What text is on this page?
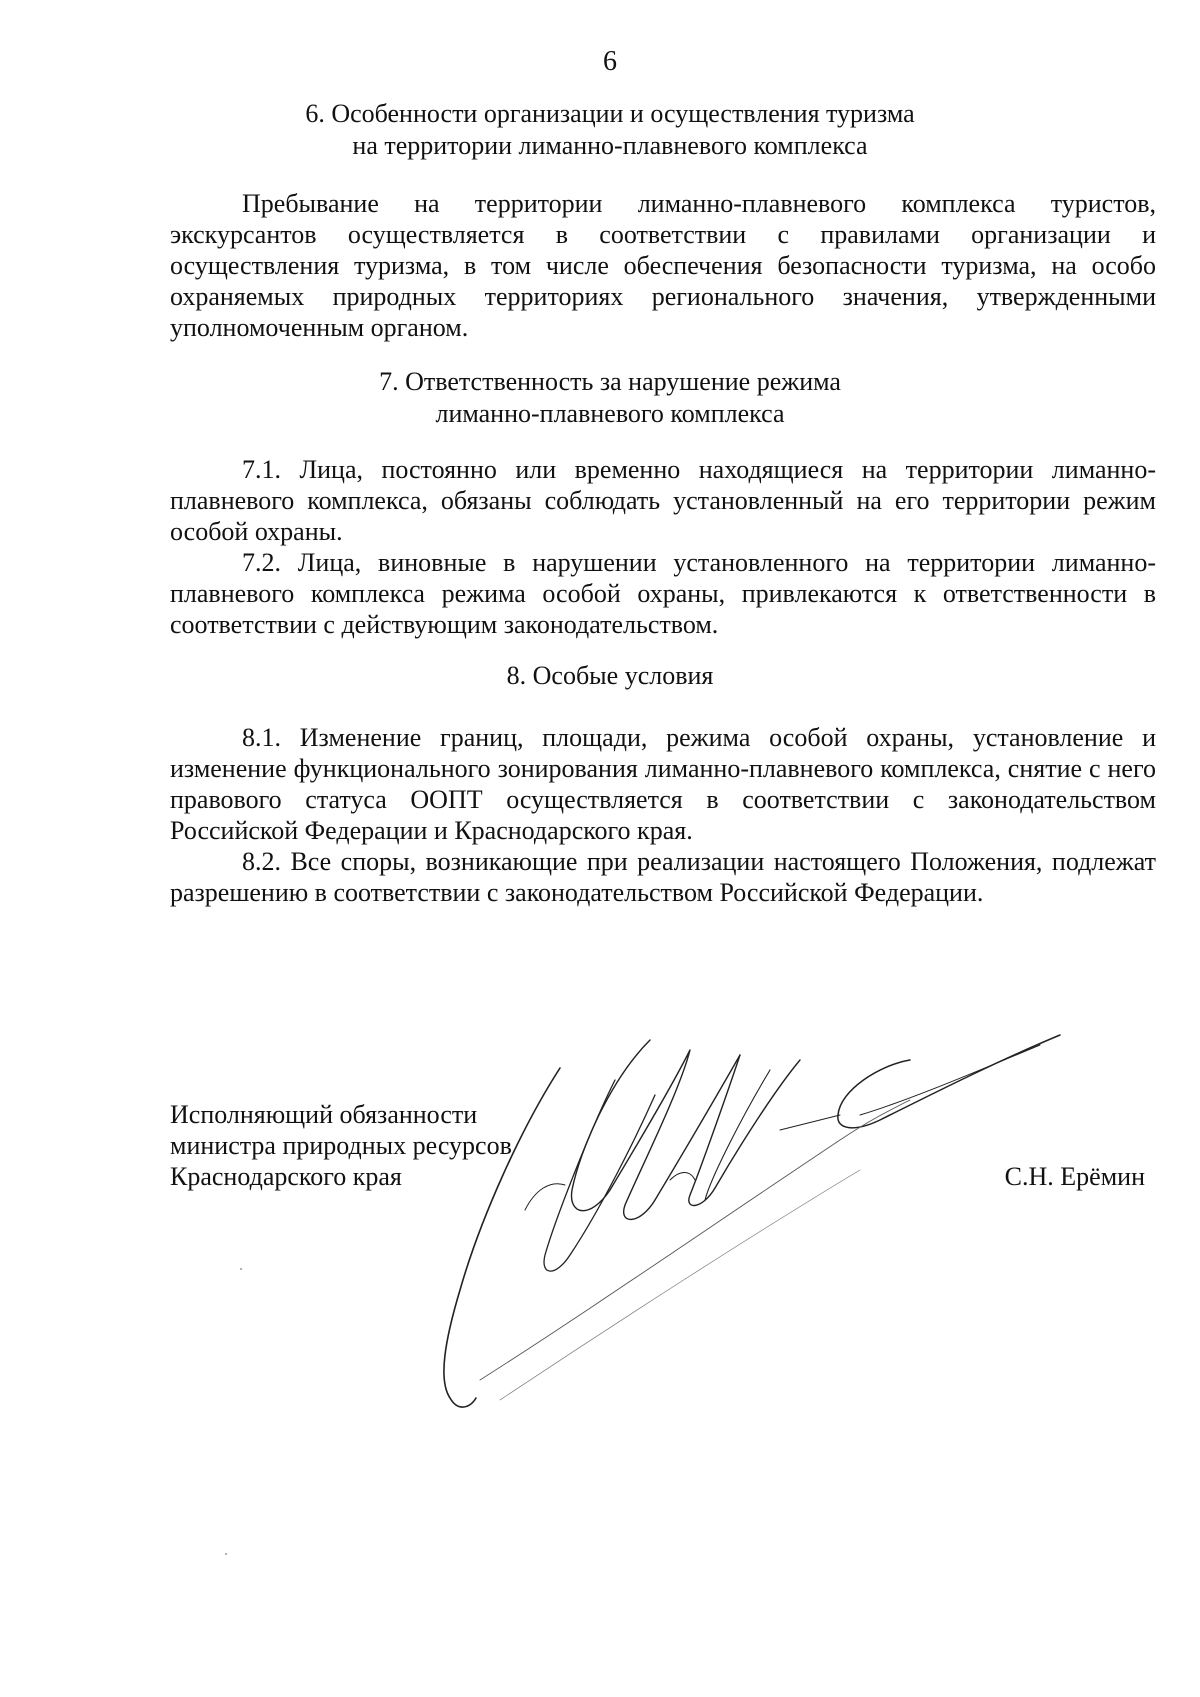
6
6. Особенности организации и осуществления туризма
на территории лиманно-плавневого комплекса
Пребывание на территории лиманно-плавневого комплекса туристов, экскурсантов осуществляется в соответствии с правилами организации и осуществления туризма, в том числе обеспечения безопасности туризма, на особо охраняемых природных территориях регионального значения, утвержденными уполномоченным органом.
7. Ответственность за нарушение режима
лиманно-плавневого комплекса
7.1. Лица, постоянно или временно находящиеся на территории лиманно-плавневого комплекса, обязаны соблюдать установленный на его территории режим особой охраны.
7.2. Лица, виновные в нарушении установленного на территории лиманно-плавневого комплекса режима особой охраны, привлекаются к ответственности в соответствии с действующим законодательством.
8. Особые условия
8.1. Изменение границ, площади, режима особой охраны, установление и изменение функционального зонирования лиманно-плавневого комплекса, снятие с него правового статуса ООПТ осуществляется в соответствии с законодательством Российской Федерации и Краснодарского края.
8.2. Все споры, возникающие при реализации настоящего Положения, подлежат разрешению в соответствии с законодательством Российской Федерации.
Исполняющий обязанности
министра природных ресурсов
Краснодарского края	С.Н. Ерёмин
